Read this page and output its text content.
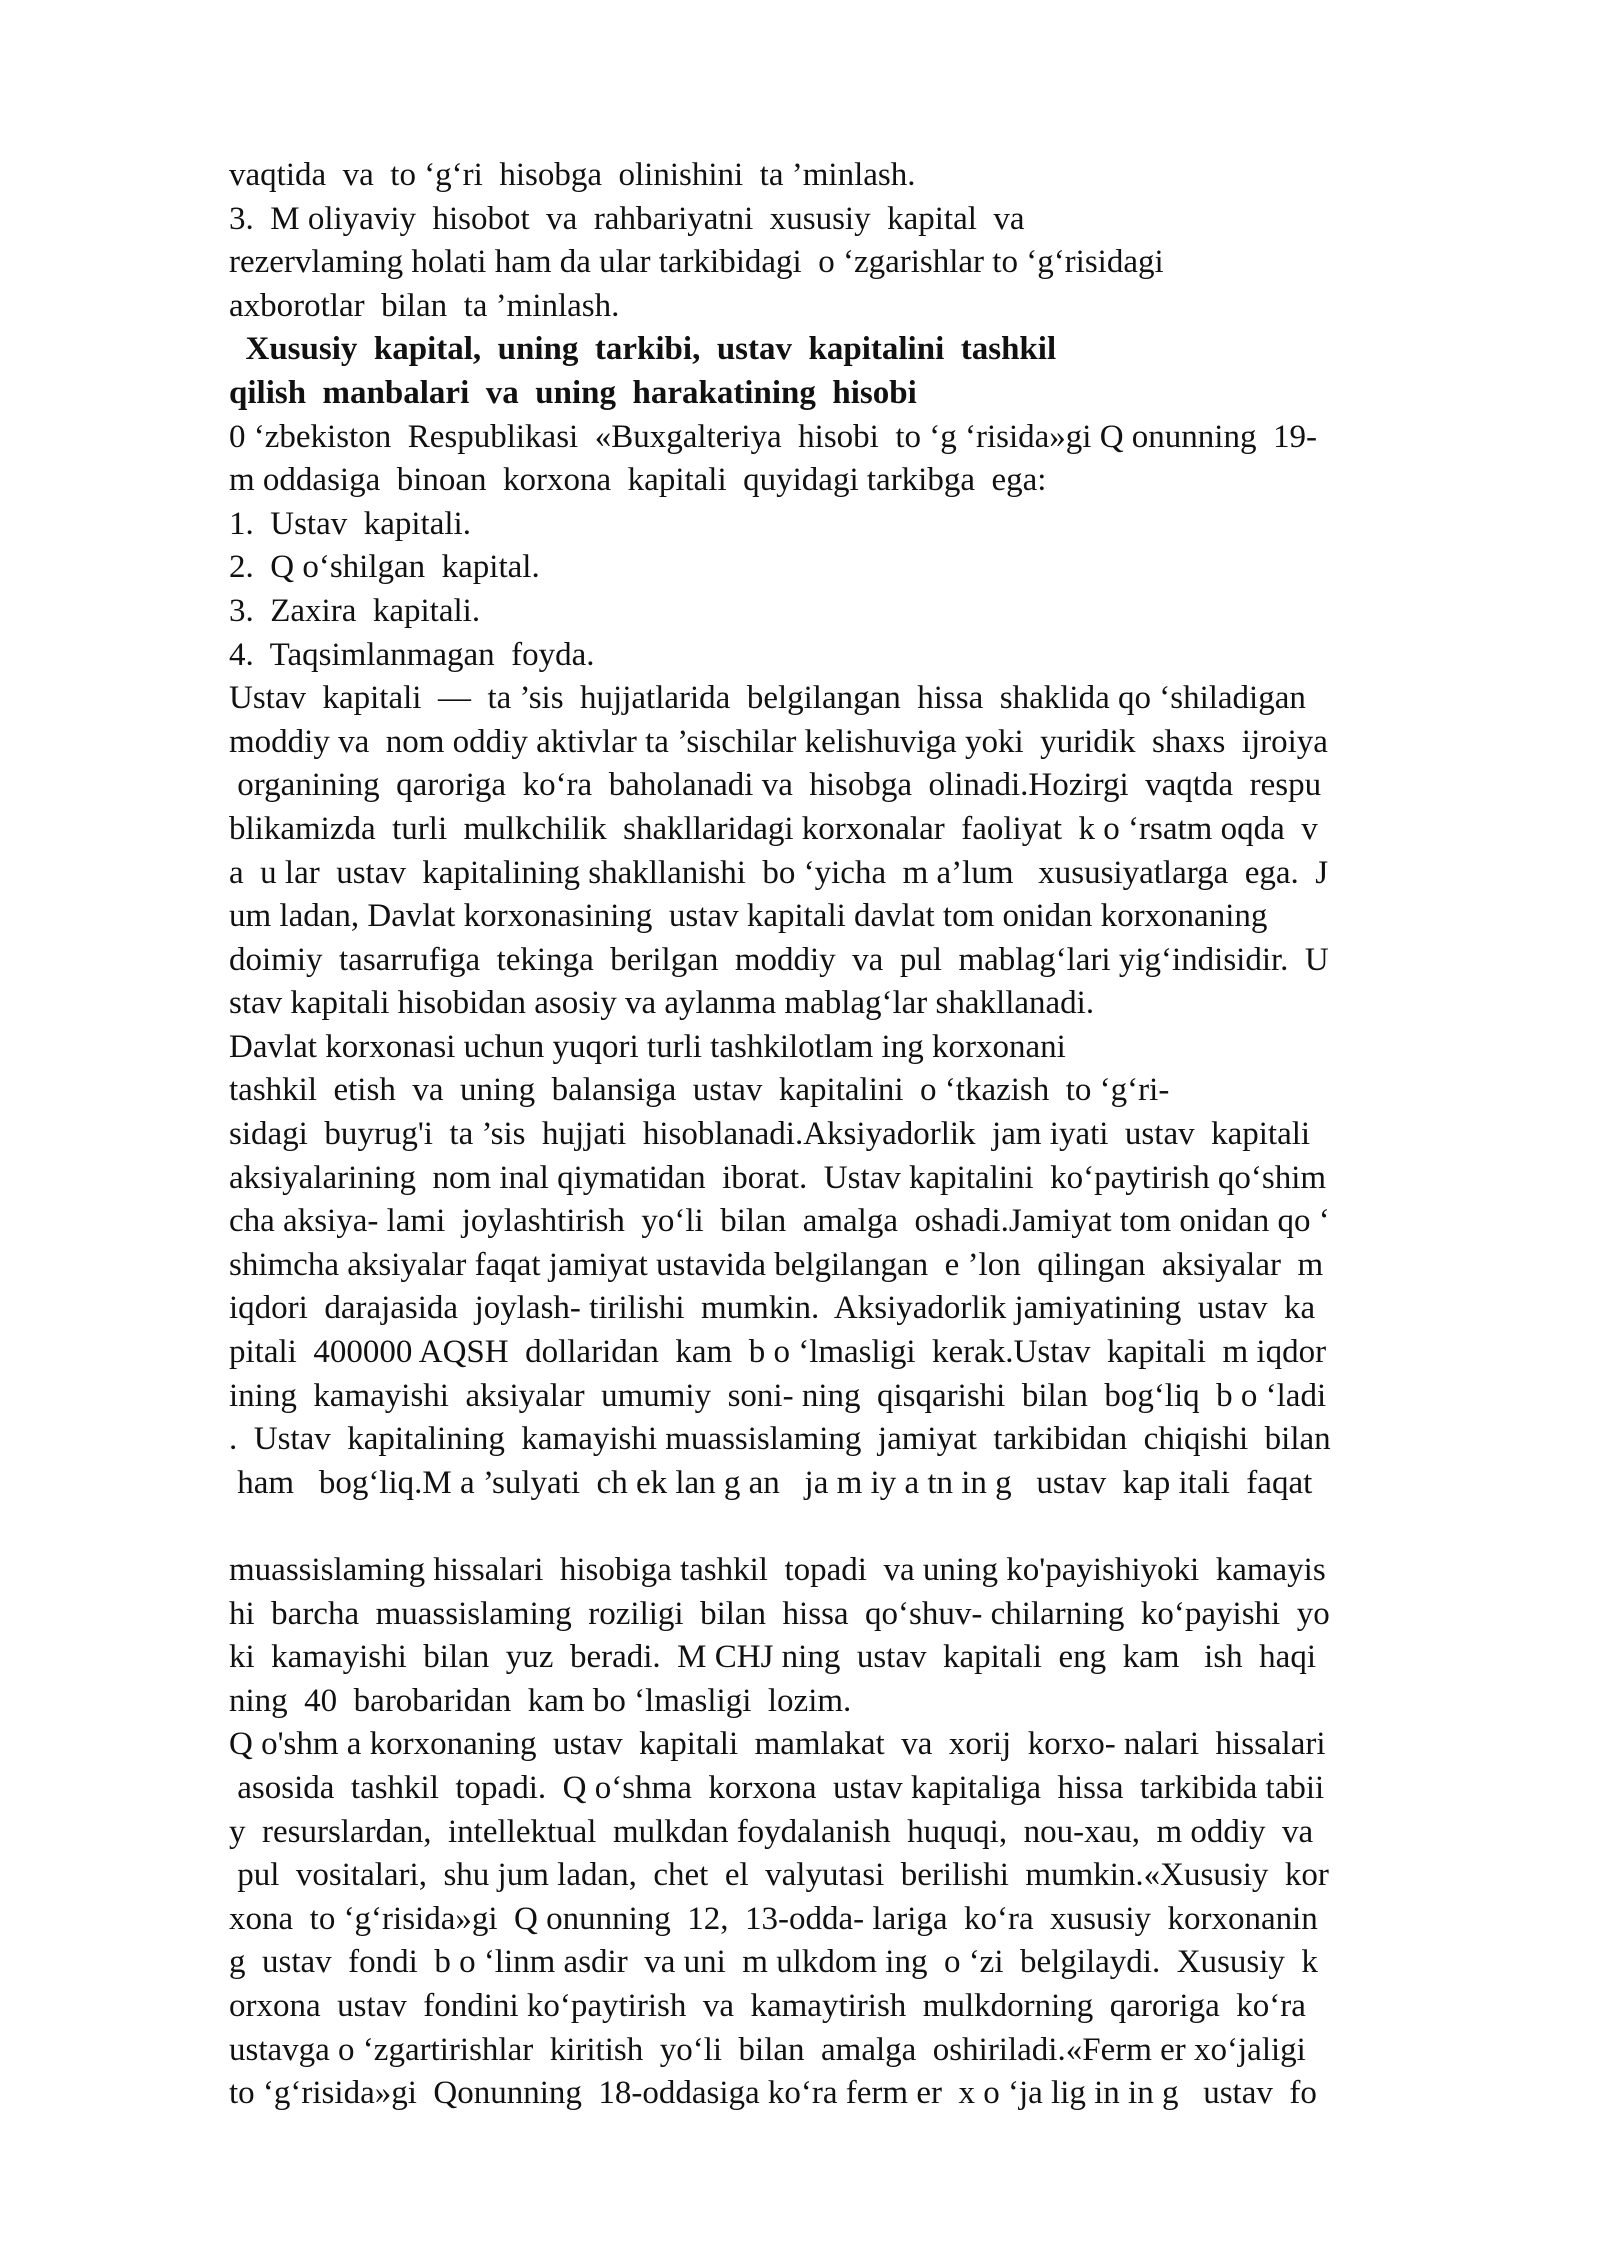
vaqtida  va  to ‘g‘ri  hisobga  olinishini  ta ’minlash.
3.  M oliyaviy  hisobot  va  rahbariyatni  xususiy  kapital  va
rezervlaming holati ham da ular tarkibidagi  o ‘zgarishlar to ‘g‘risidagi
axborotlar  bilan  ta ’minlash.
Xususiy  kapital,  uning  tarkibi,  ustav  kapitalini  tashkil
qilish  manbalari  va  uning  harakatining  hisobi
0 ‘zbekiston  Respublikasi  «Buxgalteriya  hisobi  to ‘g ‘risida»gi Q onunning  19-
m oddasiga  binoan  korxona  kapitali  quyidagi tarkibga  ega:
1.  Ustav  kapitali.
2.  Q o‘shilgan  kapital.
3.  Zaxira  kapitali.
4.  Taqsimlanmagan  foyda.
Ustav  kapitali  —  ta ’sis  hujjatlarida  belgilangan  hissa  shaklida qo ‘shiladigan
moddiy va  nom oddiy aktivlar ta ’sischilar kelishuviga yoki  yuridik  shaxs  ijroiya
organining  qaroriga  ko‘ra  baholanadi va  hisobga  olinadi.Hozirgi  vaqtda  respu
blikamizda  turli  mulkchilik  shakllaridagi korxonalar  faoliyat  k o ‘rsatm oqda  v
a  u lar  ustav  kapitalining shakllanishi  bo ‘yicha  m a’lum   xususiyatlarga  ega.  J
um ladan, Davlat korxonasining  ustav kapitali davlat tom onidan korxonaning
doimiy  tasarrufiga  tekinga  berilgan  moddiy  va  pul  mablag‘lari yig‘indisidir.  U
stav kapitali hisobidan asosiy va aylanma mablag‘lar shakllanadi.
Davlat korxonasi uchun yuqori turli tashkilotlam ing korxonani
tashkil  etish  va  uning  balansiga  ustav  kapitalini  o ‘tkazish  to ‘g‘ri-
sidagi  buyrug'i  ta ’sis  hujjati  hisoblanadi.Aksiyadorlik  jam iyati  ustav  kapitali
aksiyalarining  nom inal qiymatidan  iborat.  Ustav kapitalini  ko‘paytirish qo‘shim
cha aksiya- lami  joylashtirish  yo‘li  bilan  amalga  oshadi.Jamiyat tom onidan qo ‘
shimcha aksiyalar faqat jamiyat ustavida belgilangan  e ’lon  qilingan  aksiyalar  m
iqdori  darajasida  joylash- tirilishi  mumkin.  Aksiyadorlik jamiyatining  ustav  ka
pitali  400000 AQSH  dollaridan  kam  b o ‘lmasligi  kerak.Ustav  kapitali  m iqdor
ining  kamayishi  aksiyalar  umumiy  soni- ning  qisqarishi  bilan  bog‘liq  b o ‘ladi
.  Ustav  kapitalining  kamayishi muassislaming  jamiyat  tarkibidan  chiqishi  bilan
ham   bog‘liq.M a ’sulyati  ch ek lan g an   ja m iy a tn in g   ustav  kap itali  faqat
muassislaming hissalari  hisobiga tashkil  topadi  va uning ko'payishiyoki  kamayis
hi  barcha  muassislaming  roziligi  bilan  hissa  qo‘shuv- chilarning  ko‘payishi  yo
ki  kamayishi  bilan  yuz  beradi.  M CHJ ning  ustav  kapitali  eng  kam   ish  haqi
ning  40  barobaridan  kam bo ‘lmasligi  lozim.
Q o'shm a korxonaning  ustav  kapitali  mamlakat  va  xorij  korxo- nalari  hissalari
asosida  tashkil  topadi.  Q o‘shma  korxona  ustav kapitaliga  hissa  tarkibida tabii
y  resurslardan,  intellektual  mulkdan foydalanish  huquqi,  nou-xau,  m oddiy  va
pul  vositalari,  shu jum ladan,  chet  el  valyutasi  berilishi  mumkin.«Xususiy  kor
xona  to ‘g‘risida»gi  Q onunning  12,  13-odda- lariga  ko‘ra  xususiy  korxonanin
g  ustav  fondi  b o ‘linm asdir  va uni  m ulkdom ing  o ‘zi  belgilaydi.  Xususiy  k
orxona  ustav  fondini ko‘paytirish  va  kamaytirish  mulkdorning  qaroriga  ko‘ra
ustavga o ‘zgartirishlar  kiritish  yo‘li  bilan  amalga  oshiriladi.«Ferm er xo‘jaligi
to ‘g‘risida»gi  Qonunning  18-oddasiga ko‘ra ferm er  x o ‘ja lig in in g   ustav  fo
